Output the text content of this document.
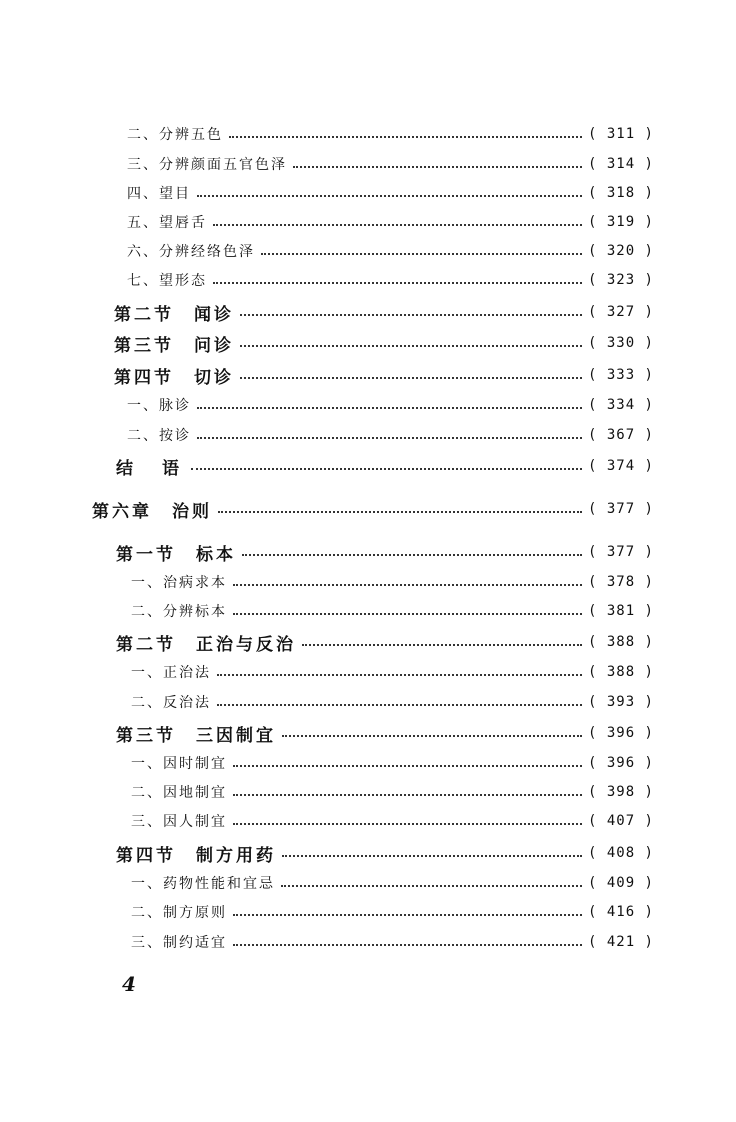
二、分辨五色	( 311 )
三、分辨颜面五官色泽	( 314 )
四、望目	( 318 )
五、望唇舌	( 319 )
六、分辨经络色泽	( 320 )
七、望形态	( 323 )
第二节　闻诊	( 327 )
第三节　问诊	( 330 )
第四节　切诊	( 333 )
一、脉诊	( 334 )
二、按诊	( 367 )
结　语	( 374 )
第六章　治则	( 377 )
第一节　标本	( 377 )
一、治病求本	( 378 )
二、分辨标本	( 381 )
第二节　正治与反治	( 388 )
一、正治法	( 388 )
二、反治法	( 393 )
第三节　三因制宜	( 396 )
一、因时制宜	( 396 )
二、因地制宜	( 398 )
三、因人制宜	( 407 )
第四节　制方用药	( 408 )
一、药物性能和宜忌	( 409 )
二、制方原则	( 416 )
三、制约适宜	( 421 )
4
